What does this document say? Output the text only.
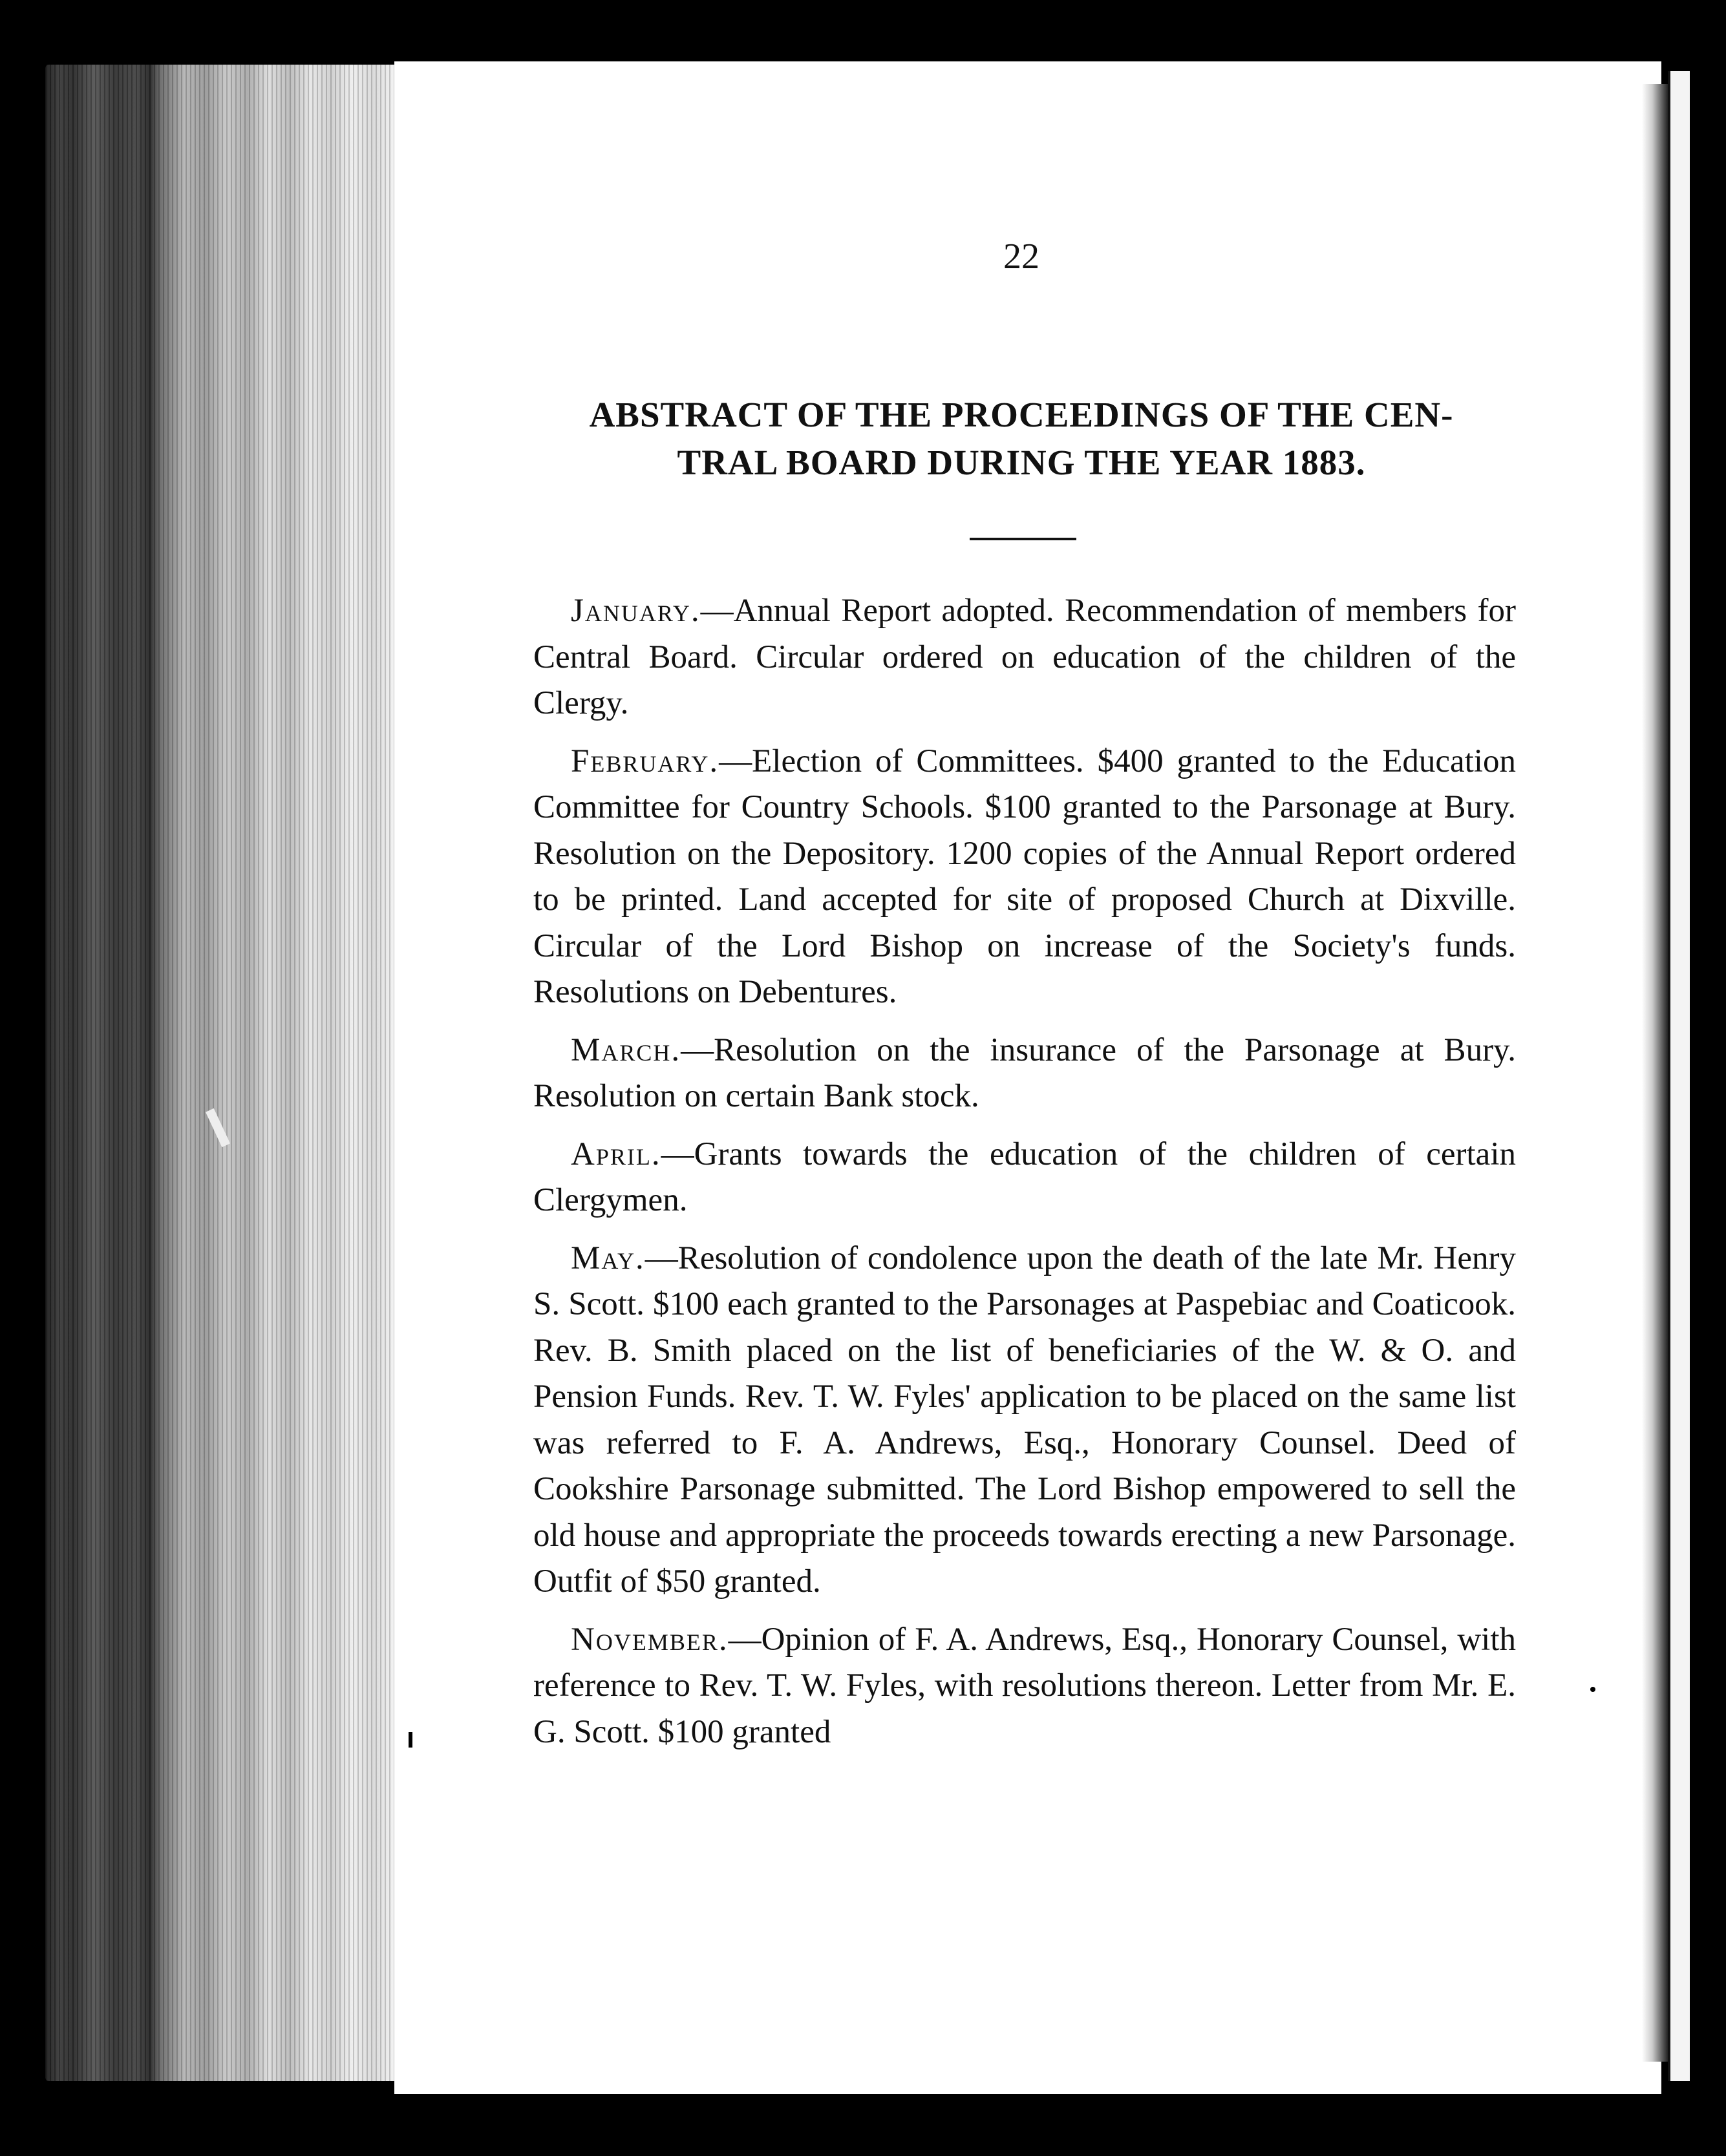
22
ABSTRACT OF THE PROCEEDINGS OF THE CEN-
TRAL BOARD DURING THE YEAR 1883.

January.—Annual Report adopted. Recommendation of members for Central Board. Circular ordered on education of the children of the Clergy.

February.—Election of Committees. $400 granted to the Education Committee for Country Schools. $100 granted to the Parsonage at Bury. Resolution on the Depository. 1200 copies of the Annual Report ordered to be printed. Land accepted for site of proposed Church at Dixville. Circular of the Lord Bishop on increase of the Society's funds. Resolutions on Debentures.

March.—Resolution on the insurance of the Parsonage at Bury. Resolution on certain Bank stock.

April.—Grants towards the education of the children of certain Clergymen.

May.—Resolution of condolence upon the death of the late Mr. Henry S. Scott. $100 each granted to the Parsonages at Paspebiac and Coaticook. Rev. B. Smith placed on the list of beneficiaries of the W. & O. and Pension Funds. Rev. T. W. Fyles' application to be placed on the same list was referred to F. A. Andrews, Esq., Honorary Counsel. Deed of Cookshire Parsonage submitted. The Lord Bishop empowered to sell the old house and appropriate the proceeds towards erecting a new Parsonage. Outfit of $50 granted.

November.—Opinion of F. A. Andrews, Esq., Honorary Counsel, with reference to Rev. T. W. Fyles, with resolutions thereon. Letter from Mr. E. G. Scott. $100 granted
